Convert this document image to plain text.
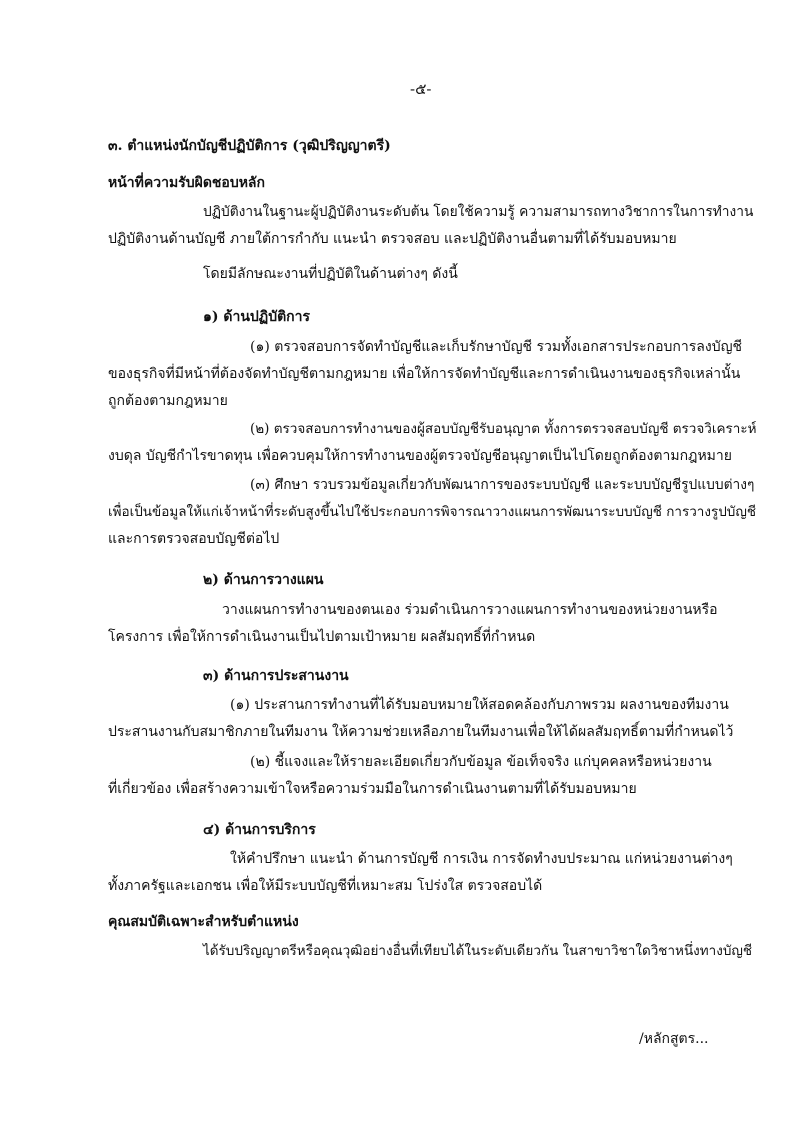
-๕-
๓. ตำแหน่งนักบัญชีปฏิบัติการ (วุฒิปริญญาตรี)
หน้าที่ความรับผิดชอบหลัก
ปฏิบัติงานในฐานะผู้ปฏิบัติงานระดับต้น โดยใช้ความรู้ ความสามารถทางวิชาการในการทำงาน
ปฏิบัติงานด้านบัญชี ภายใต้การกำกับ แนะนำ ตรวจสอบ และปฏิบัติงานอื่นตามที่ได้รับมอบหมาย
โดยมีลักษณะงานที่ปฏิบัติในด้านต่างๆ ดังนี้
๑) ด้านปฏิบัติการ
(๑) ตรวจสอบการจัดทำบัญชีและเก็บรักษาบัญชี รวมทั้งเอกสารประกอบการลงบัญชี
ของธุรกิจที่มีหน้าที่ต้องจัดทำบัญชีตามกฎหมาย เพื่อให้การจัดทำบัญชีและการดำเนินงานของธุรกิจเหล่านั้น
ถูกต้องตามกฎหมาย
(๒) ตรวจสอบการทำงานของผู้สอบบัญชีรับอนุญาต ทั้งการตรวจสอบบัญชี ตรวจวิเคราะห์
งบดุล บัญชีกำไรขาดทุน เพื่อควบคุมให้การทำงานของผู้ตรวจบัญชีอนุญาตเป็นไปโดยถูกต้องตามกฎหมาย
(๓) ศึกษา รวบรวมข้อมูลเกี่ยวกับพัฒนาการของระบบบัญชี และระบบบัญชีรูปแบบต่างๆ
เพื่อเป็นข้อมูลให้แก่เจ้าหน้าที่ระดับสูงขึ้นไปใช้ประกอบการพิจารณาวางแผนการพัฒนาระบบบัญชี การวางรูปบัญชี
และการตรวจสอบบัญชีต่อไป
๒) ด้านการวางแผน
วางแผนการทำงานของตนเอง ร่วมดำเนินการวางแผนการทำงานของหน่วยงานหรือ
โครงการ เพื่อให้การดำเนินงานเป็นไปตามเป้าหมาย ผลสัมฤทธิ์ที่กำหนด
๓) ด้านการประสานงาน
(๑) ประสานการทำงานที่ได้รับมอบหมายให้สอดคล้องกับภาพรวม ผลงานของทีมงาน
ประสานงานกับสมาชิกภายในทีมงาน ให้ความช่วยเหลือภายในทีมงานเพื่อให้ได้ผลสัมฤทธิ์ตามที่กำหนดไว้
(๒) ชี้แจงและให้รายละเอียดเกี่ยวกับข้อมูล ข้อเท็จจริง แก่บุคคลหรือหน่วยงาน
ที่เกี่ยวข้อง เพื่อสร้างความเข้าใจหรือความร่วมมือในการดำเนินงานตามที่ได้รับมอบหมาย
๔) ด้านการบริการ
ให้คำปรึกษา แนะนำ ด้านการบัญชี การเงิน การจัดทำงบประมาณ แก่หน่วยงานต่างๆ
ทั้งภาครัฐและเอกชน เพื่อให้มีระบบบัญชีที่เหมาะสม โปร่งใส ตรวจสอบได้
คุณสมบัติเฉพาะสำหรับตำแหน่ง
ได้รับปริญญาตรีหรือคุณวุฒิอย่างอื่นที่เทียบได้ในระดับเดียวกัน ในสาขาวิชาใดวิชาหนึ่งทางบัญชี
/หลักสูตร...
